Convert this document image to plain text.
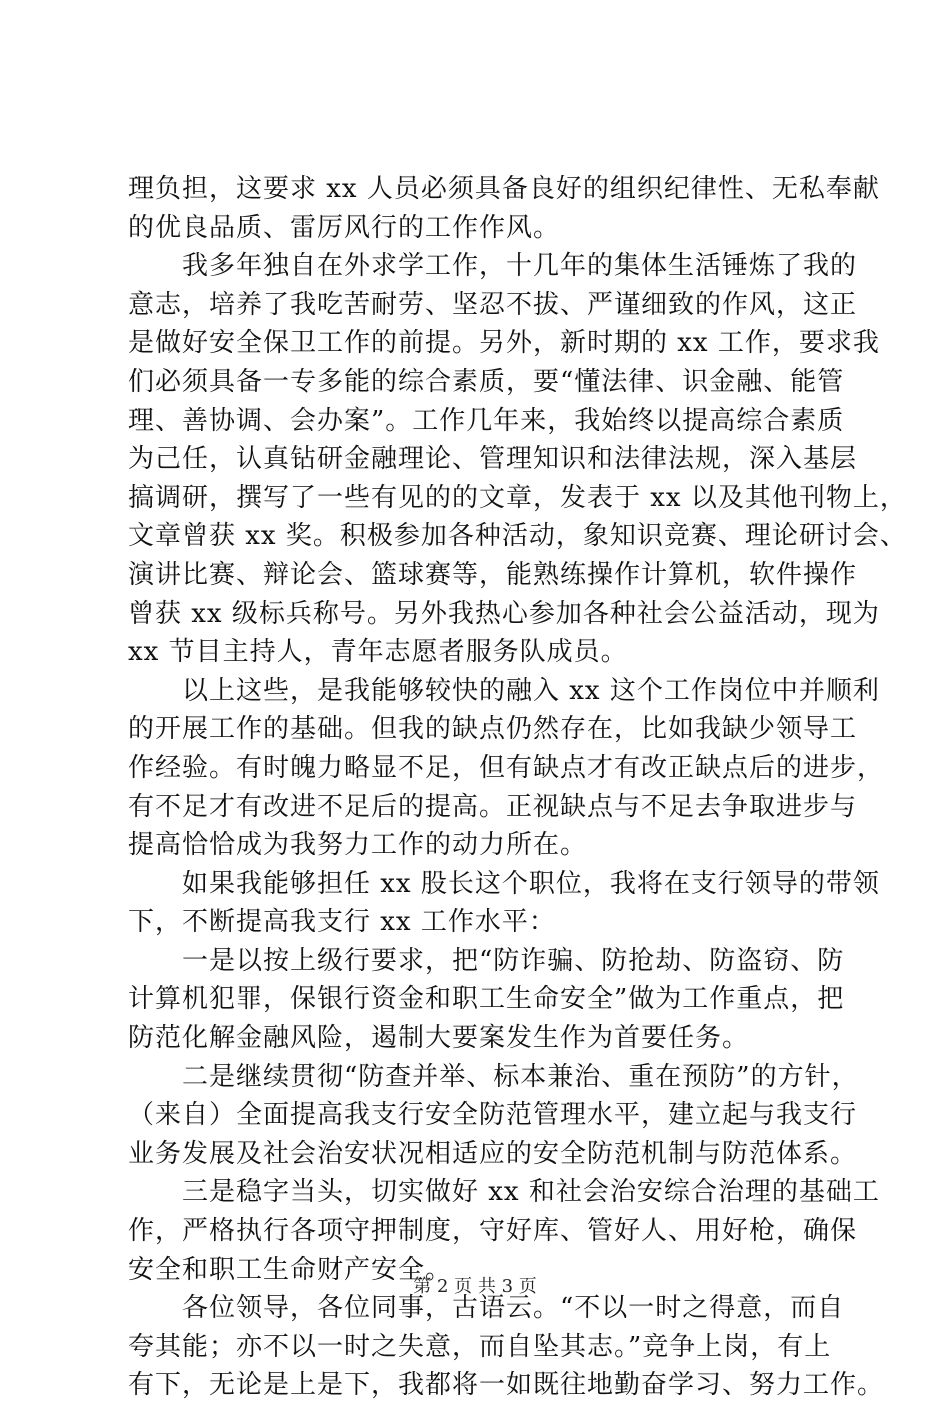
理负担，这要求 xx 人员必须具备良好的组织纪律性、无私奉献
的优良品质、雷厉风行的工作作风。
　　我多年独自在外求学工作，十几年的集体生活锤炼了我的
意志，培养了我吃苦耐劳、坚忍不拔、严谨细致的作风，这正
是做好安全保卫工作的前提。另外，新时期的 xx 工作，要求我
们必须具备一专多能的综合素质，要“懂法律、识金融、能管
理、善协调、会办案”。工作几年来，我始终以提高综合素质
为己任，认真钻研金融理论、管理知识和法律法规，深入基层
搞调研，撰写了一些有见的的文章，发表于 xx 以及其他刊物上，
文章曾获 xx 奖。积极参加各种活动，象知识竞赛、理论研讨会、
演讲比赛、辩论会、篮球赛等，能熟练操作计算机，软件操作
曾获 xx 级标兵称号。另外我热心参加各种社会公益活动，现为
xx 节目主持人，青年志愿者服务队成员。
　　以上这些，是我能够较快的融入 xx 这个工作岗位中并顺利
的开展工作的基础。但我的缺点仍然存在，比如我缺少领导工
作经验。有时魄力略显不足，但有缺点才有改正缺点后的进步，
有不足才有改进不足后的提高。正视缺点与不足去争取进步与
提高恰恰成为我努力工作的动力所在。
　　如果我能够担任 xx 股长这个职位，我将在支行领导的带领
下，不断提高我支行 xx 工作水平：
　　一是以按上级行要求，把“防诈骗、防抢劫、防盗窃、防
计算机犯罪，保银行资金和职工生命安全”做为工作重点，把
防范化解金融风险，遏制大要案发生作为首要任务。
　　二是继续贯彻“防查并举、标本兼治、重在预防”的方针，
（来自）全面提高我支行安全防范管理水平，建立起与我支行
业务发展及社会治安状况相适应的安全防范机制与防范体系。
　　三是稳字当头，切实做好 xx 和社会治安综合治理的基础工
作，严格执行各项守押制度，守好库、管好人、用好枪，确保
安全和职工生命财产安全。
　　各位领导，各位同事，古语云。“不以一时之得意，而自
夸其能；亦不以一时之失意，而自坠其志。”竞争上岗，有上
有下，无论是上是下，我都将一如既往地勤奋学习、努力工作。
第 2 页 共 3 页
